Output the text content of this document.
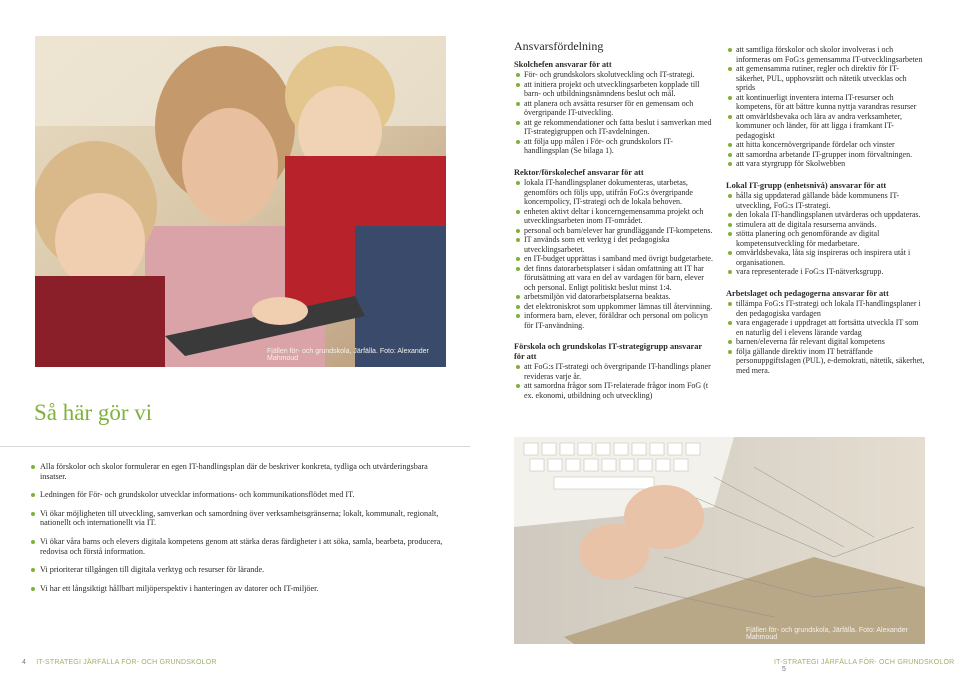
Fjällen för- och grundskola, Järfälla. Foto: Alexander Mahmoud
Så här gör vi
Alla förskolor och skolor formulerar en egen IT-handlingsplan där de beskriver konkreta, tydliga och utvärderingsbara insatser.
Ledningen för För- och grundskolor utvecklar informations- och kommunikationsflödet med IT.
Vi ökar möjligheten till utveckling, samverkan och samordning över verksamhetsgränserna; lokalt, kommunalt, regionalt, nationellt och internationellt via IT.
Vi ökar våra barns och elevers digitala kompetens genom att stärka deras färdigheter i att söka, samla, bearbeta, producera, redovisa och förstå information.
Vi prioriterar tillgången till digitala verktyg och resurser för lärande.
Vi har ett långsiktigt hållbart miljöperspektiv i hanteringen av datorer och IT-miljöer.
4 IT-STRATEGI JÄRFÄLLA FÖR- OCH GRUNDSKOLOR
Ansvarsfördelning
Skolchefen ansvarar för att
För- och grundskolors skolutveckling och IT-strategi.
att initiera projekt och utvecklingsarbeten kopplade till barn- och utbildningsnämndens beslut och mål.
att planera och avsätta resurser för en gemensam och övergripande IT-utveckling.
att ge rekommendationer och fatta beslut i samverkan med IT-strategigruppen och IT-avdelningen.
att följa upp målen i För- och grundskolors IT-handlingsplan (Se bilaga 1).
Rektor/förskolechef ansvarar för att
lokala IT-handlingsplaner dokumenteras, utarbetas, genomförs och följs upp, utifrån FoG:s övergripande koncernpolicy, IT-strategi och de lokala behoven.
enheten aktivt deltar i koncerngemensamma projekt och utvecklingsarbeten inom IT-området.
personal och barn/elever har grundläggande IT-kompetens.
IT används som ett verktyg i det pedagogiska utvecklingsarbetet.
en IT-budget upprättas i samband med övrigt budgetarbete.
det finns datorarbetsplatser i sådan omfattning att IT har förutsättning att vara en del av vardagen för barn, elever och personal. Enligt politiskt beslut minst 1:4.
arbetsmiljön vid datorarbetsplatserna beaktas.
det elektroniskrot som uppkommer lämnas till återvinning.
informera barn, elever, föräldrar och personal om policyn för IT-användning.
Förskola och grundskolas IT-strategigrupp ansvarar för att
att FoG:s IT-strategi och övergripande IT-handlings planer revideras varje år.
att samordna frågor som IT-relaterade frågor inom FoG (t ex. ekonomi, utbildning och utveckling)
att samtliga förskolor och skolor involveras i och informeras om FoG:s gemensamma IT-utvecklingsarbeten
att gemensamma rutiner, regler och direktiv för IT-säkerhet, PUL, upphovsrätt och nätetik utvecklas och sprids
att kontinuerligt inventera interna IT-resurser och kompetens, för att bättre kunna nyttja varandras resurser
att omvärldsbevaka och lära av andra verksamheter, kommuner och länder, för att ligga i framkant IT-pedagogiskt
att hitta koncernövergripande fördelar och vinster
att samordna arbetande IT-grupper inom förvaltningen.
att vara styrgrupp för Skolwebben
Lokal IT-grupp (enhetsnivå) ansvarar för att
hålla sig uppdaterad gällande både kommunens IT-utveckling, FoG:s IT-strategi.
den lokala IT-handlingsplanen utvärderas och uppdateras.
stimulera att de digitala resurserna används.
stötta planering och genomförande av digital kompetensutveckling för medarbetare.
omvärldsbevaka, låta sig inspireras och inspirera utåt i organisationen.
vara representerade i FoG:s IT-nätverksgrupp.
Arbetslaget och pedagogerna ansvarar för att
tillämpa FoG:s IT-strategi och lokala IT-handlingsplaner i den pedagogiska vardagen
vara engagerade i uppdraget att fortsätta utveckla IT som en naturlig del i elevens lärande vardag
barnen/eleverna får relevant digital kompetens
följa gällande direktiv inom IT beträffande personuppgiftslagen (PUL), e-demokrati, nätetik, säkerhet, med mera.
Fjällen för- och grundskola, Järfälla. Foto: Alexander Mahmoud
IT-STRATEGI JÄRFÄLLA FÖR- OCH GRUNDSKOLOR 5
